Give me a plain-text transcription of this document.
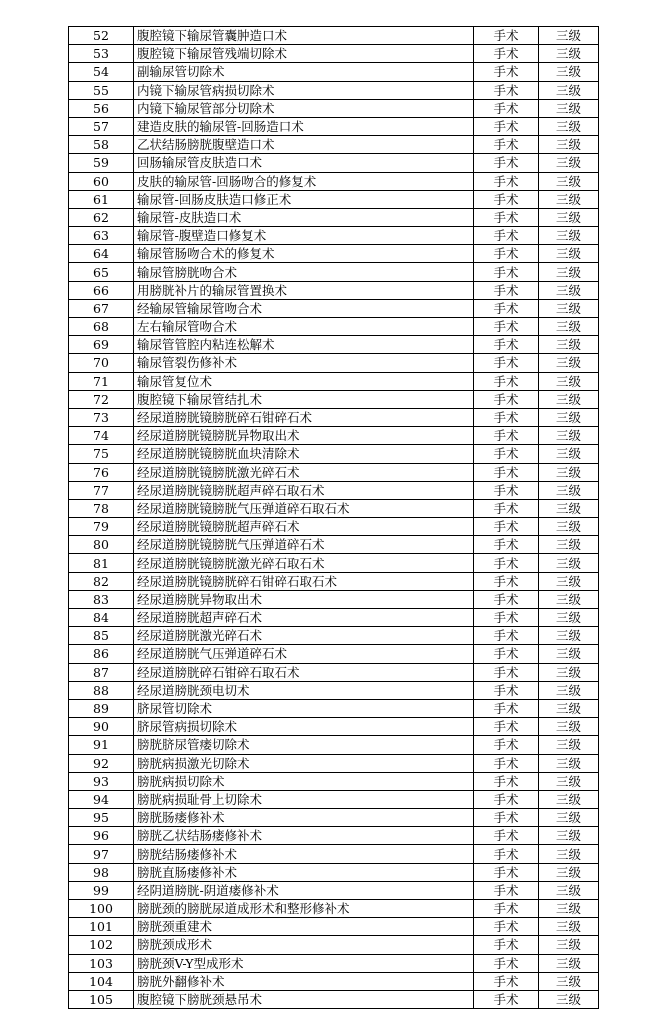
52	腹腔镜下输尿管囊肿造口术	手术	三级
53	腹腔镜下输尿管残端切除术	手术	三级
54	副输尿管切除术	手术	三级
55	内镜下输尿管病损切除术	手术	三级
56	内镜下输尿管部分切除术	手术	三级
57	建造皮肤的输尿管-回肠造口术	手术	三级
58	乙状结肠膀胱腹壁造口术	手术	三级
59	回肠输尿管皮肤造口术	手术	三级
60	皮肤的输尿管-回肠吻合的修复术	手术	三级
61	输尿管-回肠皮肤造口修正术	手术	三级
62	输尿管-皮肤造口术	手术	三级
63	输尿管-腹壁造口修复术	手术	三级
64	输尿管肠吻合术的修复术	手术	三级
65	输尿管膀胱吻合术	手术	三级
66	用膀胱补片的输尿管置换术	手术	三级
67	经输尿管输尿管吻合术	手术	三级
68	左右输尿管吻合术	手术	三级
69	输尿管管腔内粘连松解术	手术	三级
70	输尿管裂伤修补术	手术	三级
71	输尿管复位术	手术	三级
72	腹腔镜下输尿管结扎术	手术	三级
73	经尿道膀胱镜膀胱碎石钳碎石术	手术	三级
74	经尿道膀胱镜膀胱异物取出术	手术	三级
75	经尿道膀胱镜膀胱血块清除术	手术	三级
76	经尿道膀胱镜膀胱激光碎石术	手术	三级
77	经尿道膀胱镜膀胱超声碎石取石术	手术	三级
78	经尿道膀胱镜膀胱气压弹道碎石取石术	手术	三级
79	经尿道膀胱镜膀胱超声碎石术	手术	三级
80	经尿道膀胱镜膀胱气压弹道碎石术	手术	三级
81	经尿道膀胱镜膀胱激光碎石取石术	手术	三级
82	经尿道膀胱镜膀胱碎石钳碎石取石术	手术	三级
83	经尿道膀胱异物取出术	手术	三级
84	经尿道膀胱超声碎石术	手术	三级
85	经尿道膀胱激光碎石术	手术	三级
86	经尿道膀胱气压弹道碎石术	手术	三级
87	经尿道膀胱碎石钳碎石取石术	手术	三级
88	经尿道膀胱颈电切术	手术	三级
89	脐尿管切除术	手术	三级
90	脐尿管病损切除术	手术	三级
91	膀胱脐尿管瘘切除术	手术	三级
92	膀胱病损激光切除术	手术	三级
93	膀胱病损切除术	手术	三级
94	膀胱病损耻骨上切除术	手术	三级
95	膀胱肠瘘修补术	手术	三级
96	膀胱乙状结肠瘘修补术	手术	三级
97	膀胱结肠瘘修补术	手术	三级
98	膀胱直肠瘘修补术	手术	三级
99	经阴道膀胱-阴道瘘修补术	手术	三级
100	膀胱颈的膀胱尿道成形术和整形修补术	手术	三级
101	膀胱颈重建术	手术	三级
102	膀胱颈成形术	手术	三级
103	膀胱颈V-Y型成形术	手术	三级
104	膀胱外翻修补术	手术	三级
105	腹腔镜下膀胱颈悬吊术	手术	三级
